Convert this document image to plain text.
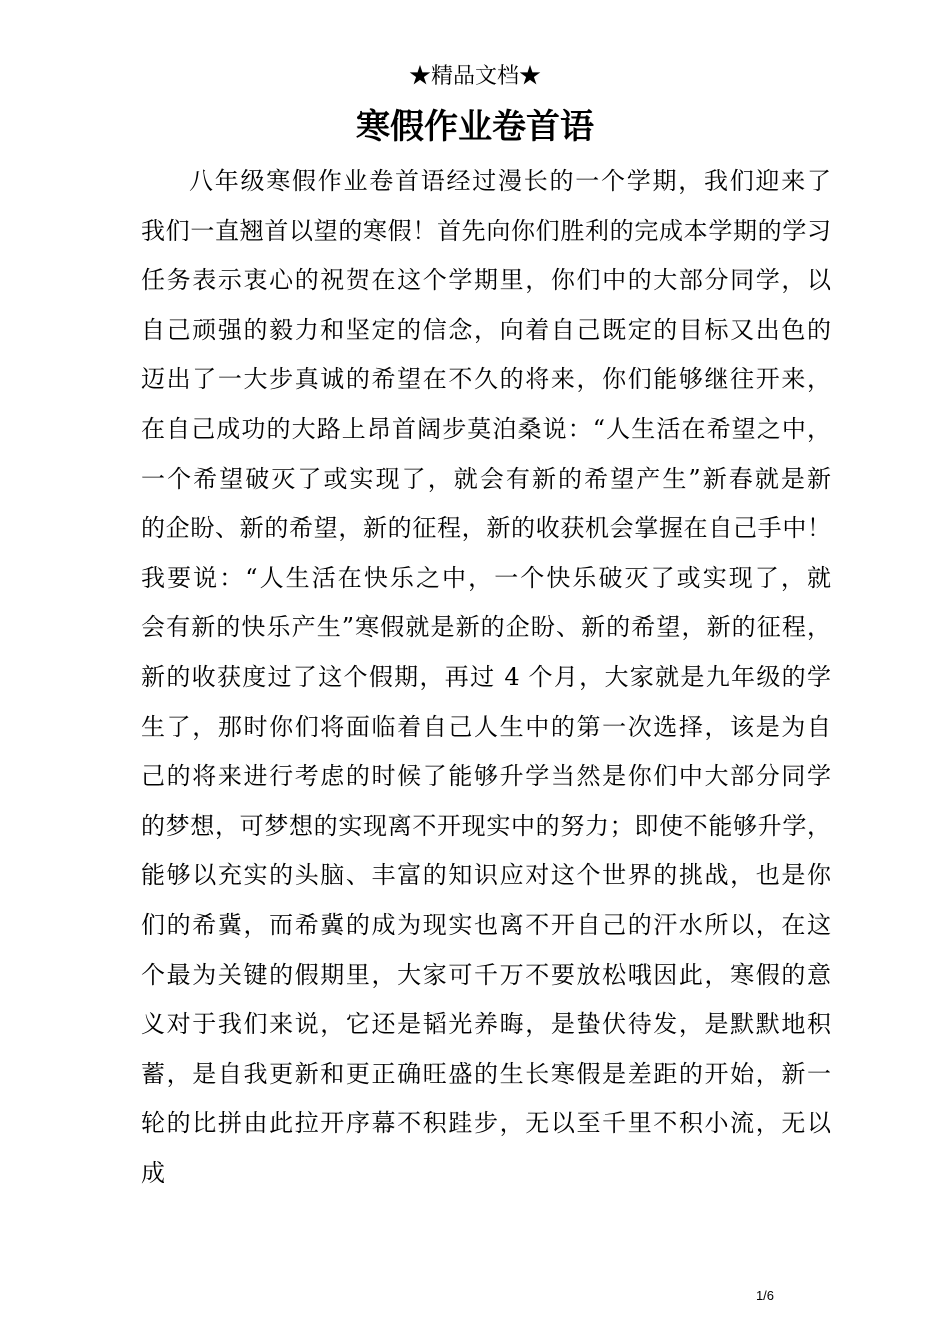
★精品文档★
寒假作业卷首语
八年级寒假作业卷首语经过漫长的一个学期，我们迎来了
我们一直翘首以望的寒假！首先向你们胜利的完成本学期的学习
任务表示衷心的祝贺在这个学期里，你们中的大部分同学，以
自己顽强的毅力和坚定的信念，向着自己既定的目标又出色的
迈出了一大步真诚的希望在不久的将来，你们能够继往开来，
在自己成功的大路上昂首阔步莫泊桑说：“人生活在希望之中，
一个希望破灭了或实现了，就会有新的希望产生”新春就是新
的企盼、新的希望，新的征程，新的收获机会掌握在自己手中！
我要说：“人生活在快乐之中，一个快乐破灭了或实现了，就
会有新的快乐产生”寒假就是新的企盼、新的希望，新的征程，
新的收获度过了这个假期，再过 4 个月，大家就是九年级的学
生了，那时你们将面临着自己人生中的第一次选择，该是为自
己的将来进行考虑的时候了能够升学当然是你们中大部分同学
的梦想，可梦想的实现离不开现实中的努力；即使不能够升学，
能够以充实的头脑、丰富的知识应对这个世界的挑战，也是你
们的希冀，而希冀的成为现实也离不开自己的汗水所以，在这
个最为关键的假期里，大家可千万不要放松哦因此，寒假的意
义对于我们来说，它还是韬光养晦，是蛰伏待发，是默默地积
蓄，是自我更新和更正确旺盛的生长寒假是差距的开始，新一
轮的比拼由此拉开序幕不积跬步，无以至千里不积小流，无以
成
1/6
